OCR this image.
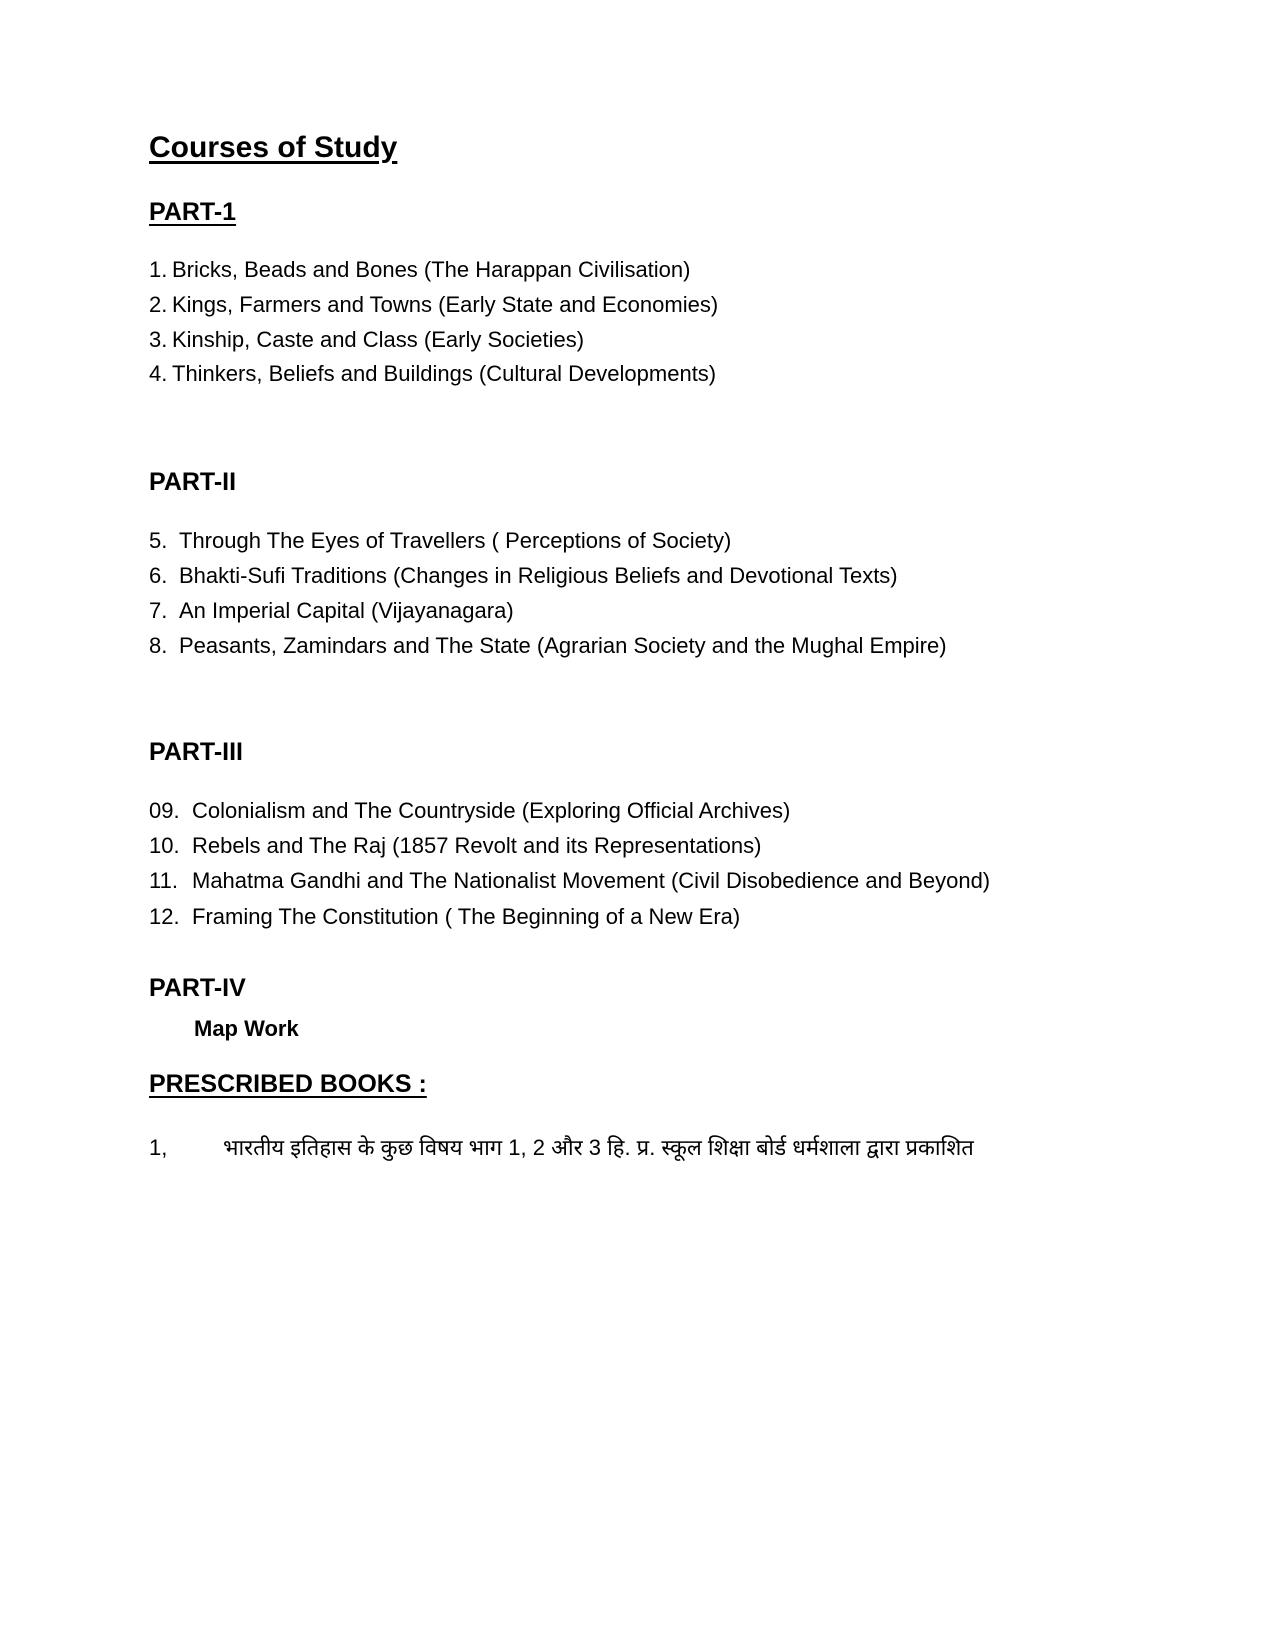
Courses of Study
PART-1
1. Bricks, Beads and Bones (The Harappan Civilisation)
2. Kings, Farmers and Towns (Early State and Economies)
3. Kinship, Caste and Class (Early Societies)
4. Thinkers, Beliefs and Buildings (Cultural Developments)
PART-II
5. Through The Eyes of Travellers ( Perceptions of Society)
6. Bhakti-Sufi Traditions (Changes in Religious Beliefs and Devotional Texts)
7. An Imperial Capital (Vijayanagara)
8. Peasants, Zamindars and The State (Agrarian Society and the Mughal Empire)
PART-III
09. Colonialism and The Countryside (Exploring Official Archives)
10. Rebels and The Raj (1857 Revolt and its Representations)
11. Mahatma Gandhi and The Nationalist Movement (Civil Disobedience and Beyond)
12. Framing The Constitution ( The Beginning of a New Era)
PART-IV
Map Work
PRESCRIBED BOOKS :
1,	भारतीय इतिहास के कुछ विषय भाग 1, 2 और 3 हि. प्र. स्कूल शिक्षा बोर्ड धर्मशाला द्वारा प्रकाशित
